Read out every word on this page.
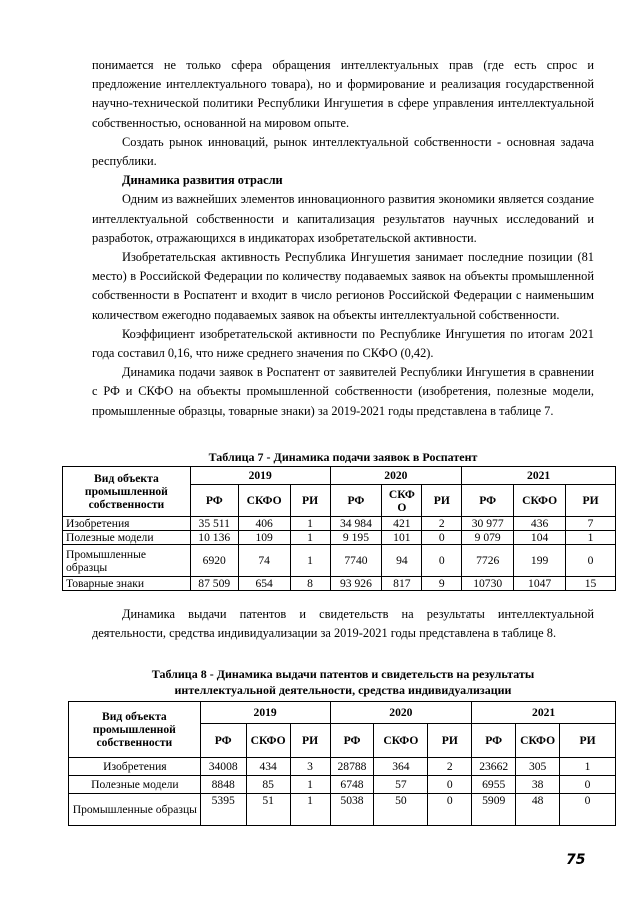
понимается не только сфера обращения интеллектуальных прав (где есть спрос и предложение интеллектуального товара), но и формирование и реализация государственной научно-технической политики Республики Ингушетия в сфере управления интеллектуальной собственностью, основанной на мировом опыте.

Создать рынок инноваций, рынок интеллектуальной собственности - основная задача республики.

Динамика развития отрасли

Одним из важнейших элементов инновационного развития экономики является создание интеллектуальной собственности и капитализация результатов научных исследований и разработок, отражающихся в индикаторах изобретательской активности.

Изобретательская активность Республика Ингушетия занимает последние позиции (81 место) в Российской Федерации по количеству подаваемых заявок на объекты промышленной собственности в Роспатент и входит в число регионов Российской Федерации с наименьшим количеством ежегодно подаваемых заявок на объекты интеллектуальной собственности.

Коэффициент изобретательской активности по Республике Ингушетия по итогам 2021 года составил 0,16, что ниже среднего значения по СКФО (0,42).

Динамика подачи заявок в Роспатент от заявителей Республики Ингушетия в сравнении с РФ и СКФО на объекты промышленной собственности (изобретения, полезные модели, промышленные образцы, товарные знаки) за 2019-2021 годы представлена в таблице 7.

Таблица 7 - Динамика подачи заявок в Роспатент
Вид объекта промышленной собственности	2019			2020			2021		
	РФ	СКФО	РИ	РФ	СКФ О	РИ	РФ	СКФО	РИ
Изобретения	35 511	406	1	34 984	421	2	30 977	436	7
Полезные модели	10 136	109	1	9 195	101	0	9 079	104	1
Промышленные образцы	6920	74	1	7740	94	0	7726	199	0
Товарные знаки	87 509	654	8	93 926	817	9	10730	1047	15

Динамика выдачи патентов и свидетельств на результаты интеллектуальной деятельности, средства индивидуализации за 2019-2021 годы представлена в таблице 8.

Таблица 8 - Динамика выдачи патентов и свидетельств на результаты интеллектуальной деятельности, средства индивидуализации
Вид объекта промышленной собственности	2019			2020			2021		
	РФ	СКФО	РИ	РФ	СКФО	РИ	РФ	СКФО	РИ
Изобретения	34008	434	3	28788	364	2	23662	305	1
Полезные модели	8848	85	1	6748	57	0	6955	38	0
Промышленные образцы	5395	51	1	5038	50	0	5909	48	0
75
